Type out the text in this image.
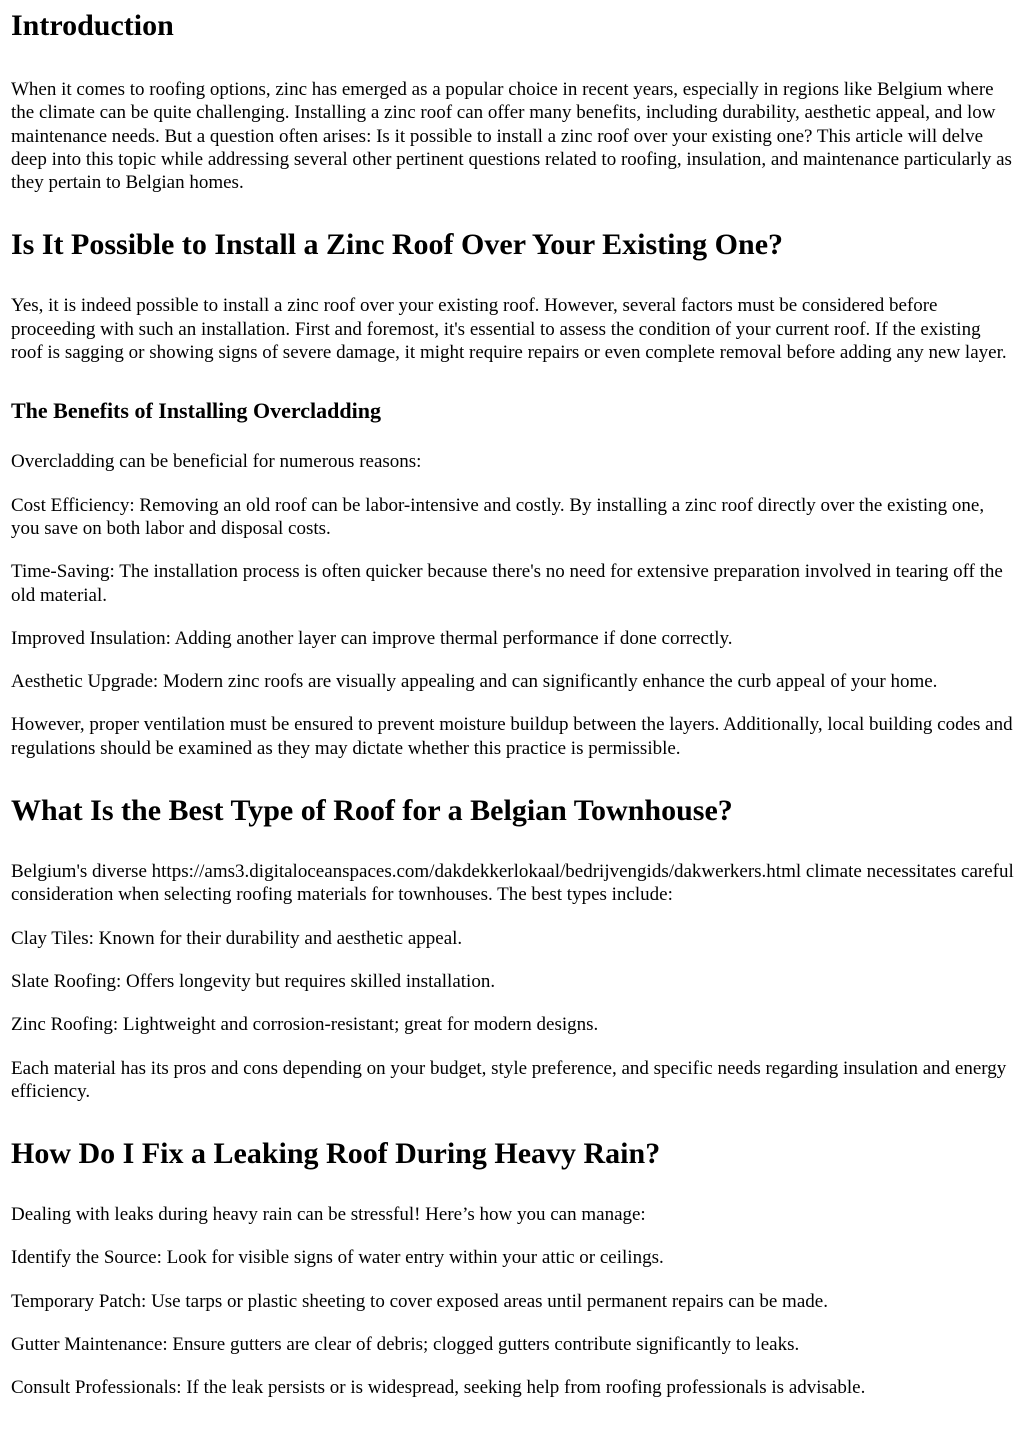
Introduction

When it comes to roofing options, zinc has emerged as a popular choice in recent years, especially in regions like Belgium where the climate can be quite challenging. Installing a zinc roof can offer many benefits, including durability, aesthetic appeal, and low maintenance needs. But a question often arises: Is it possible to install a zinc roof over your existing one? This article will delve deep into this topic while addressing several other pertinent questions related to roofing, insulation, and maintenance particularly as they pertain to Belgian homes.

Is It Possible to Install a Zinc Roof Over Your Existing One?

Yes, it is indeed possible to install a zinc roof over your existing roof. However, several factors must be considered before proceeding with such an installation. First and foremost, it's essential to assess the condition of your current roof. If the existing roof is sagging or showing signs of severe damage, it might require repairs or even complete removal before adding any new layer.

The Benefits of Installing Overcladding

Overcladding can be beneficial for numerous reasons:

Cost Efficiency: Removing an old roof can be labor-intensive and costly. By installing a zinc roof directly over the existing one, you save on both labor and disposal costs.

Time-Saving: The installation process is often quicker because there's no need for extensive preparation involved in tearing off the old material.

Improved Insulation: Adding another layer can improve thermal performance if done correctly.

Aesthetic Upgrade: Modern zinc roofs are visually appealing and can significantly enhance the curb appeal of your home.

However, proper ventilation must be ensured to prevent moisture buildup between the layers. Additionally, local building codes and regulations should be examined as they may dictate whether this practice is permissible.

What Is the Best Type of Roof for a Belgian Townhouse?

Belgium's diverse https://ams3.digitaloceanspaces.com/dakdekkerlokaal/bedrijvengids/dakwerkers.html climate necessitates careful consideration when selecting roofing materials for townhouses. The best types include:

Clay Tiles: Known for their durability and aesthetic appeal.

Slate Roofing: Offers longevity but requires skilled installation.

Zinc Roofing: Lightweight and corrosion-resistant; great for modern designs.

Each material has its pros and cons depending on your budget, style preference, and specific needs regarding insulation and energy efficiency.

How Do I Fix a Leaking Roof During Heavy Rain?

Dealing with leaks during heavy rain can be stressful! Here’s how you can manage:

Identify the Source: Look for visible signs of water entry within your attic or ceilings.

Temporary Patch: Use tarps or plastic sheeting to cover exposed areas until permanent repairs can be made.

Gutter Maintenance: Ensure gutters are clear of debris; clogged gutters contribute significantly to leaks.

Consult Professionals: If the leak persists or is widespread, seeking help from roofing professionals is advisable.
